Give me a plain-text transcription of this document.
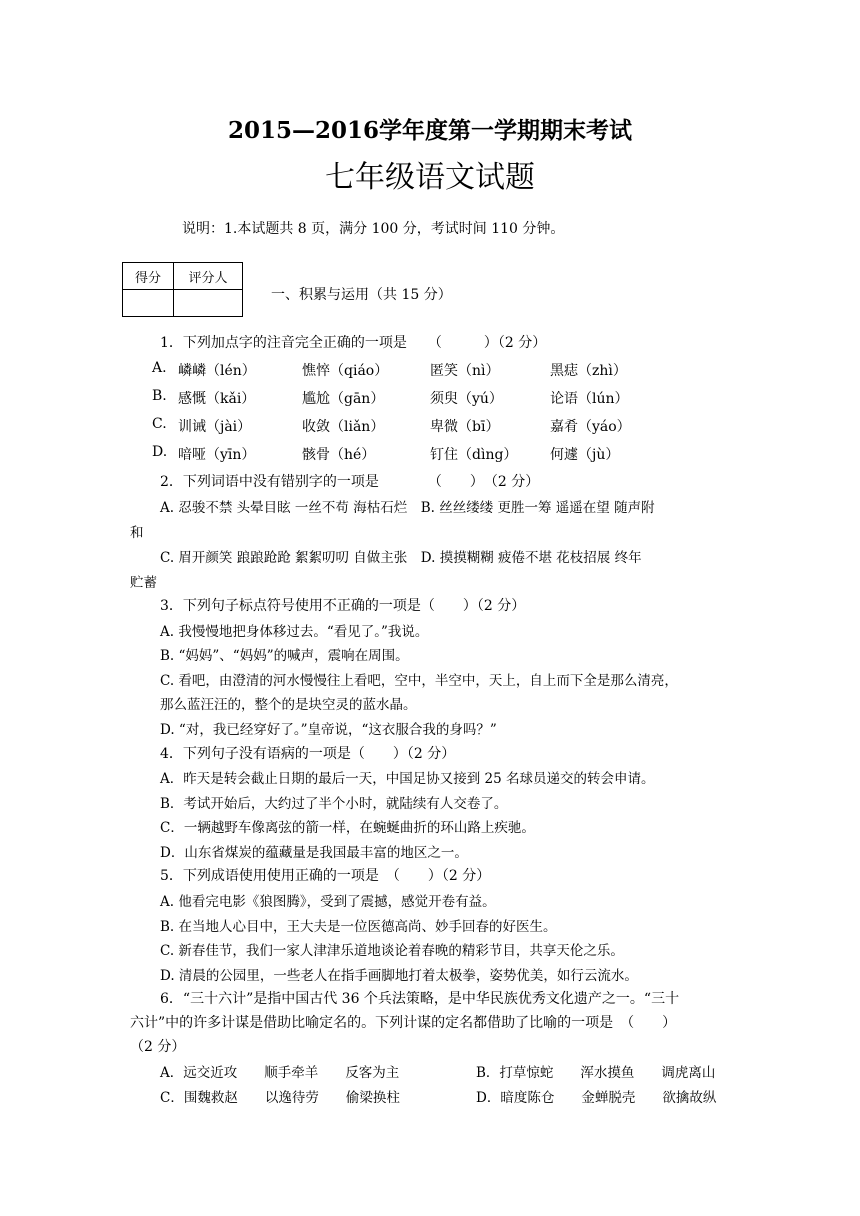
2015—2016学年度第一学期期末考试
七年级语文试题
说明：1.本试题共 8 页，满分 100 分，考试时间 110 分钟。
得分	评分人

一、积累与运用（共 15 分）
1．下列加点字的注音完全正确的一项是　　（　　　）（2 分）
A. 嶙嶙（lén）	憔悴（qiáo）	匿笑（nì）	黑痣（zhì）
B. 感慨（kǎi）	尴尬（gān）	须臾（yú）	论语（lún）
C. 训诫（jài）	收敛（liǎn）	卑微（bī）	嘉肴（yáo）
D. 喑哑（yīn）	骸骨（hé）	钉住（dìng） 何遽（jù）
2．下列词语中没有错别字的一项是　　　　（　　）　（2 分）
A. 忍骏不禁 头晕目眩 一丝不苟 海枯石烂　B. 丝丝缕缕 更胜一筹 遥遥在望 随声附
和
C. 眉开颜笑 踉踉跄跄 絮絮叨叨 自做主张　D. 摸摸糊糊 疲倦不堪 花枝招展 终年
贮蓄
3．下列句子标点符号使用不正确的一项是（　　）（2 分）
A. 我慢慢地把身体移过去。“看见了。”我说。
B. “妈妈”、“妈妈”的喊声，震响在周围。
C. 看吧，由澄清的河水慢慢往上看吧，空中，半空中，天上，自上而下全是那么清亮，
那么蓝汪汪的，整个的是块空灵的蓝水晶。
D. “对，我已经穿好了。”皇帝说，“这衣服合我的身吗？”
4．下列句子没有语病的一项是（　　）（2 分）
A．昨天是转会截止日期的最后一天，中国足协又接到 25 名球员递交的转会申请。
B．考试开始后，大约过了半个小时，就陆续有人交卷了。
C．一辆越野车像离弦的箭一样，在蜿蜒曲折的环山路上疾驰。
D．山东省煤炭的蕴藏量是我国最丰富的地区之一。
5．下列成语使用使用正确的一项是　（　　）（2 分）
A. 他看完电影《狼图腾》，受到了震撼，感觉开卷有益。
B. 在当地人心目中，王大夫是一位医德高尚、妙手回春的好医生。
C. 新春佳节，我们一家人津津乐道地谈论着春晚的精彩节目，共享天伦之乐。
D. 清晨的公园里，一些老人在指手画脚地打着太极拳，姿势优美，如行云流水。
6．“三十六计”是指中国古代 36 个兵法策略，是中华民族优秀文化遗产之一。“三十
六计”中的许多计谋是借助比喻定名的。下列计谋的定名都借助了比喻的一项是　（　　）
（2 分）
A．远交近攻　　顺手牵羊　　反客为主	B．打草惊蛇　　浑水摸鱼　　调虎离山
C．围魏救赵　　以逸待劳　　偷梁换柱	D．暗度陈仓　　金蝉脱壳　　欲擒故纵
